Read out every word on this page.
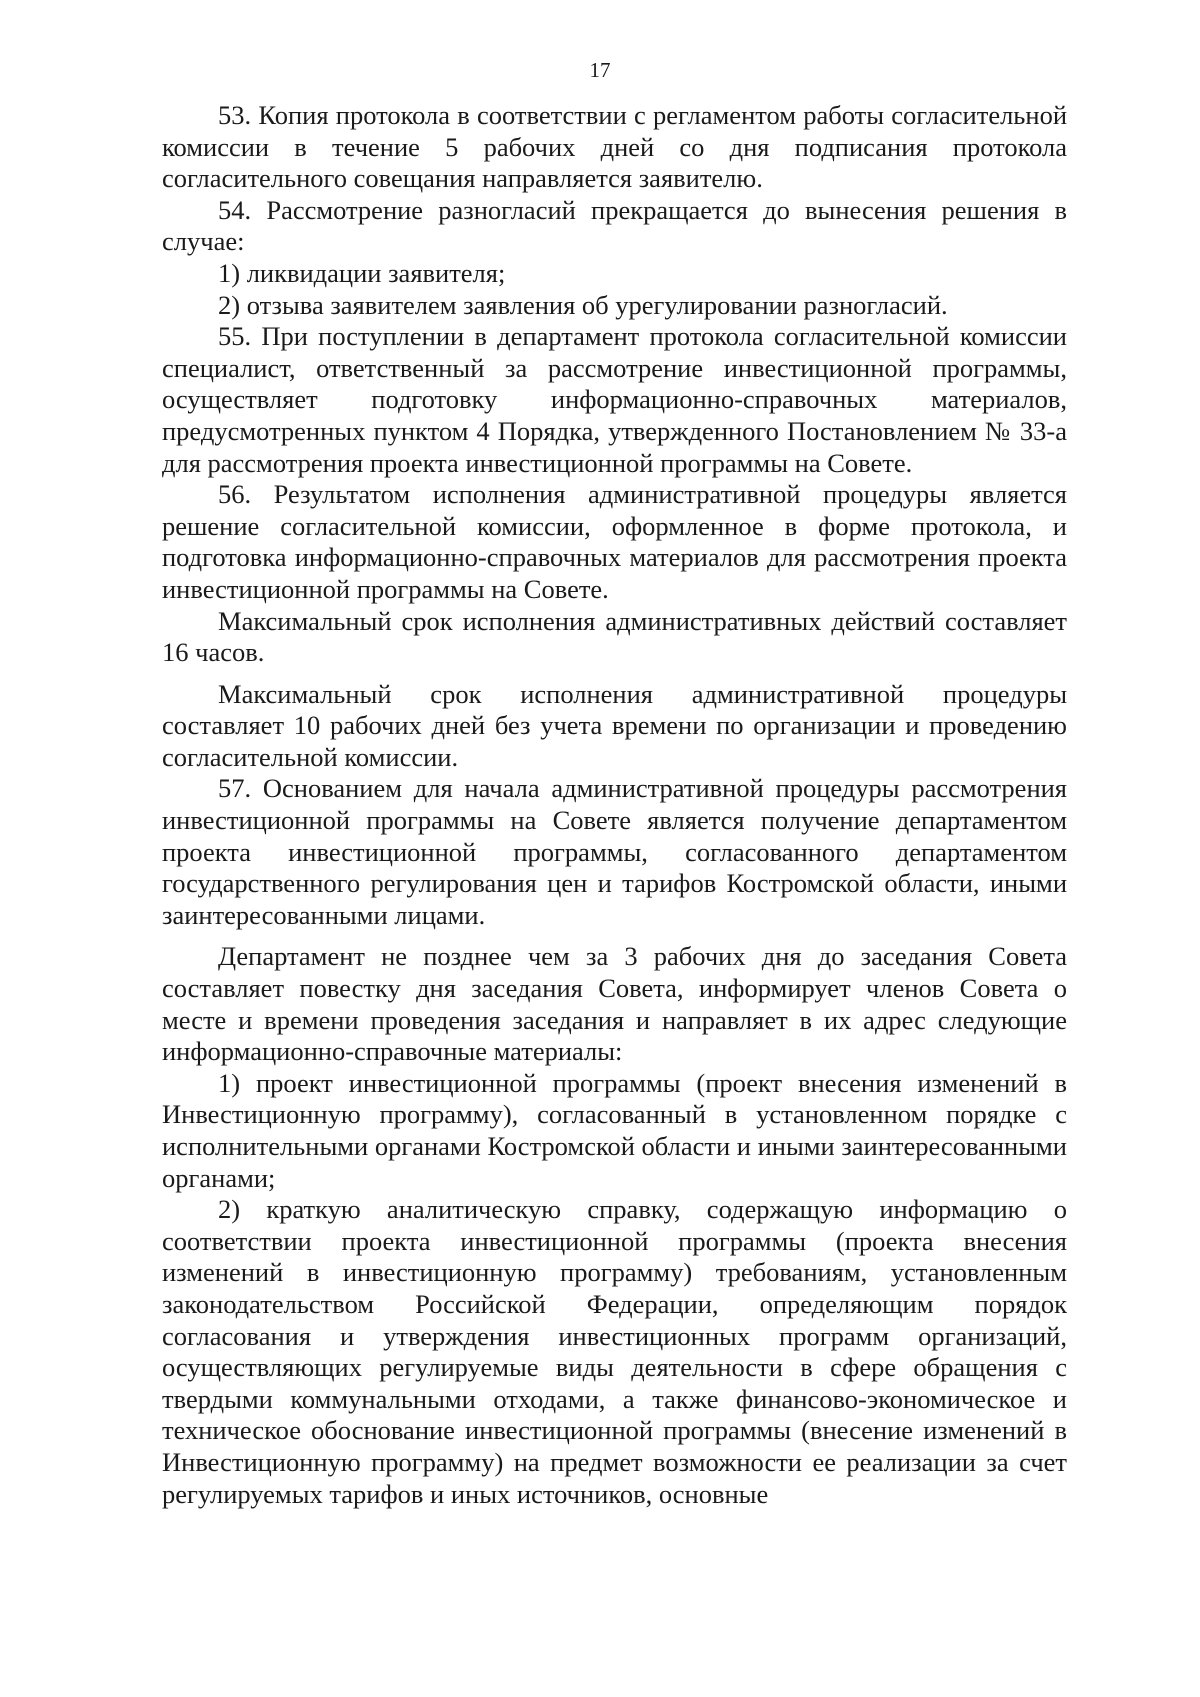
17

53. Копия протокола в соответствии с регламентом работы согласительной комиссии в течение 5 рабочих дней со дня подписания протокола согласительного совещания направляется заявителю.

54. Рассмотрение разногласий прекращается до вынесения решения в случае:

1) ликвидации заявителя;

2) отзыва заявителем заявления об урегулировании разногласий.

55. При поступлении в департамент протокола согласительной комиссии специалист, ответственный за рассмотрение инвестиционной программы, осуществляет подготовку информационно-справочных материалов, предусмотренных пунктом 4 Порядка, утвержденного Постановлением № 33-а для рассмотрения проекта инвестиционной программы на Совете.

56. Результатом исполнения административной процедуры является решение согласительной комиссии, оформленное в форме протокола, и подготовка информационно-справочных материалов для рассмотрения проекта инвестиционной программы на Совете.

Максимальный срок исполнения административных действий составляет 16 часов.

Максимальный срок исполнения административной процедуры составляет 10 рабочих дней без учета времени по организации и проведению согласительной комиссии.

57. Основанием для начала административной процедуры рассмотрения инвестиционной программы на Совете является получение департаментом проекта инвестиционной программы, согласованного департаментом государственного регулирования цен и тарифов Костромской области, иными заинтересованными лицами.

Департамент не позднее чем за 3 рабочих дня до заседания Совета составляет повестку дня заседания Совета, информирует членов Совета о месте и времени проведения заседания и направляет в их адрес следующие информационно-справочные материалы:

1) проект инвестиционной программы (проект внесения изменений в Инвестиционную программу), согласованный в установленном порядке с исполнительными органами Костромской области и иными заинтересованными органами;

2) краткую аналитическую справку, содержащую информацию о соответствии проекта инвестиционной программы (проекта внесения изменений в инвестиционную программу) требованиям, установленным законодательством Российской Федерации, определяющим порядок согласования и утверждения инвестиционных программ организаций, осуществляющих регулируемые виды деятельности в сфере обращения с твердыми коммунальными отходами, а также финансово-экономическое и техническое обоснование инвестиционной программы (внесение изменений в Инвестиционную программу) на предмет возможности ее реализации за счет регулируемых тарифов и иных источников, основные
